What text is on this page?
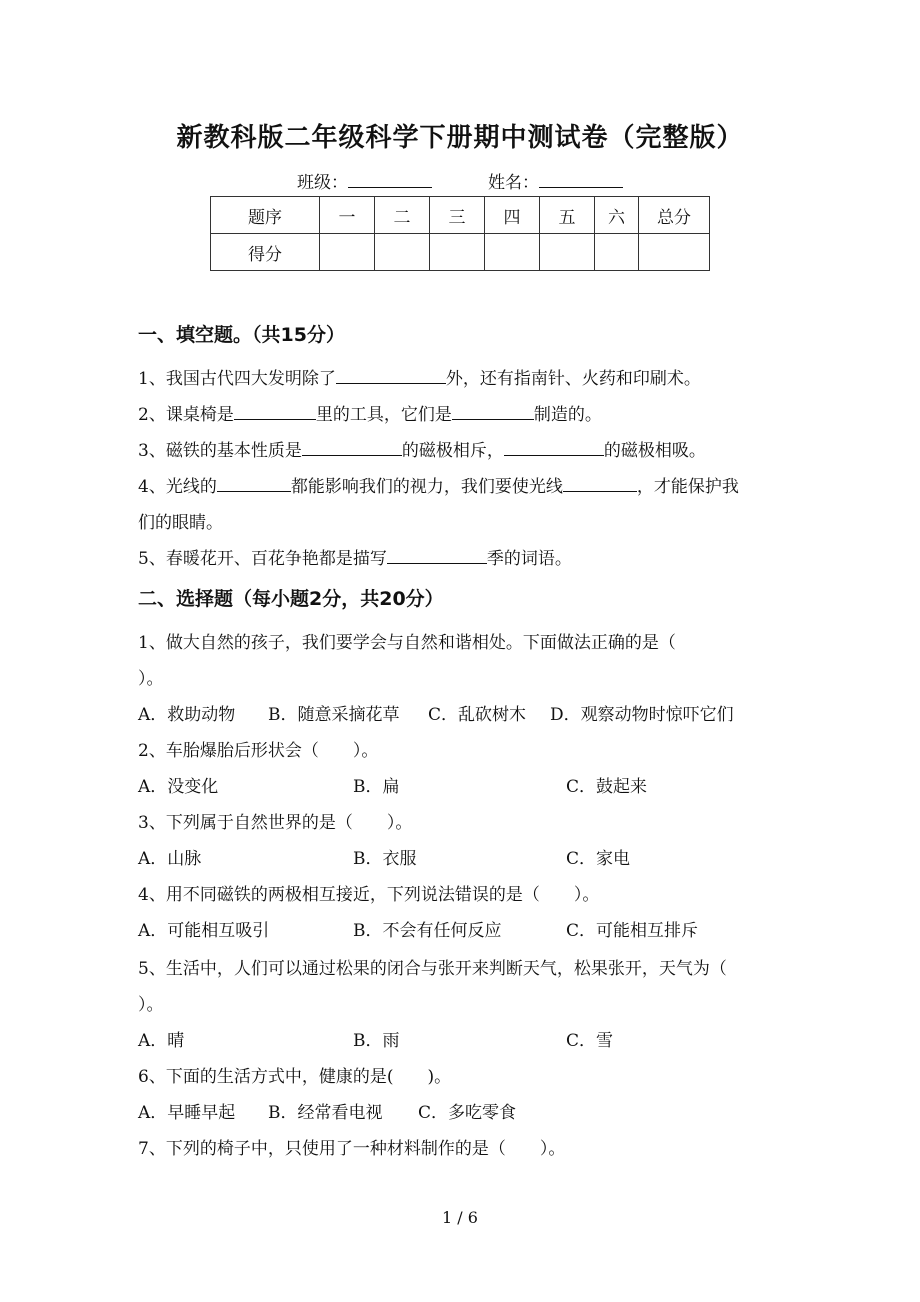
新教科版二年级科学下册期中测试卷（完整版）
班级：	姓名：
题序	一	二	三	四	五	六	总分
得分							
一、填空题。（共15分）
1、我国古代四大发明除了	外，还有指南针、火药和印刷术。
2、课桌椅是	里的工具，它们是	制造的。
3、磁铁的基本性质是	的磁极相斥，	的磁极相吸。
4、光线的	都能影响我们的视力，我们要使光线	，才能保护我
们的眼睛。
5、春暖花开、百花争艳都是描写	季的词语。
二、选择题（每小题2分，共20分）
1、做大自然的孩子，我们要学会与自然和谐相处。下面做法正确的是（
）。
A．救助动物 B．随意采摘花草 C．乱砍树木 D．观察动物时惊吓它们
2、车胎爆胎后形状会（　　）。
A．没变化	B．扁	C．鼓起来
3、下列属于自然世界的是（　　）。
A．山脉	B．衣服	C．家电
4、用不同磁铁的两极相互接近，下列说法错误的是（　　）。
A．可能相互吸引	B．不会有任何反应	C．可能相互排斥
5、生活中，人们可以通过松果的闭合与张开来判断天气，松果张开，天气为（
）。
A．晴	B．雨	C．雪
6、下面的生活方式中，健康的是(　　)。
A．早睡早起 B．经常看电视 C．多吃零食
7、下列的椅子中，只使用了一种材料制作的是（　　）。
1 / 6
